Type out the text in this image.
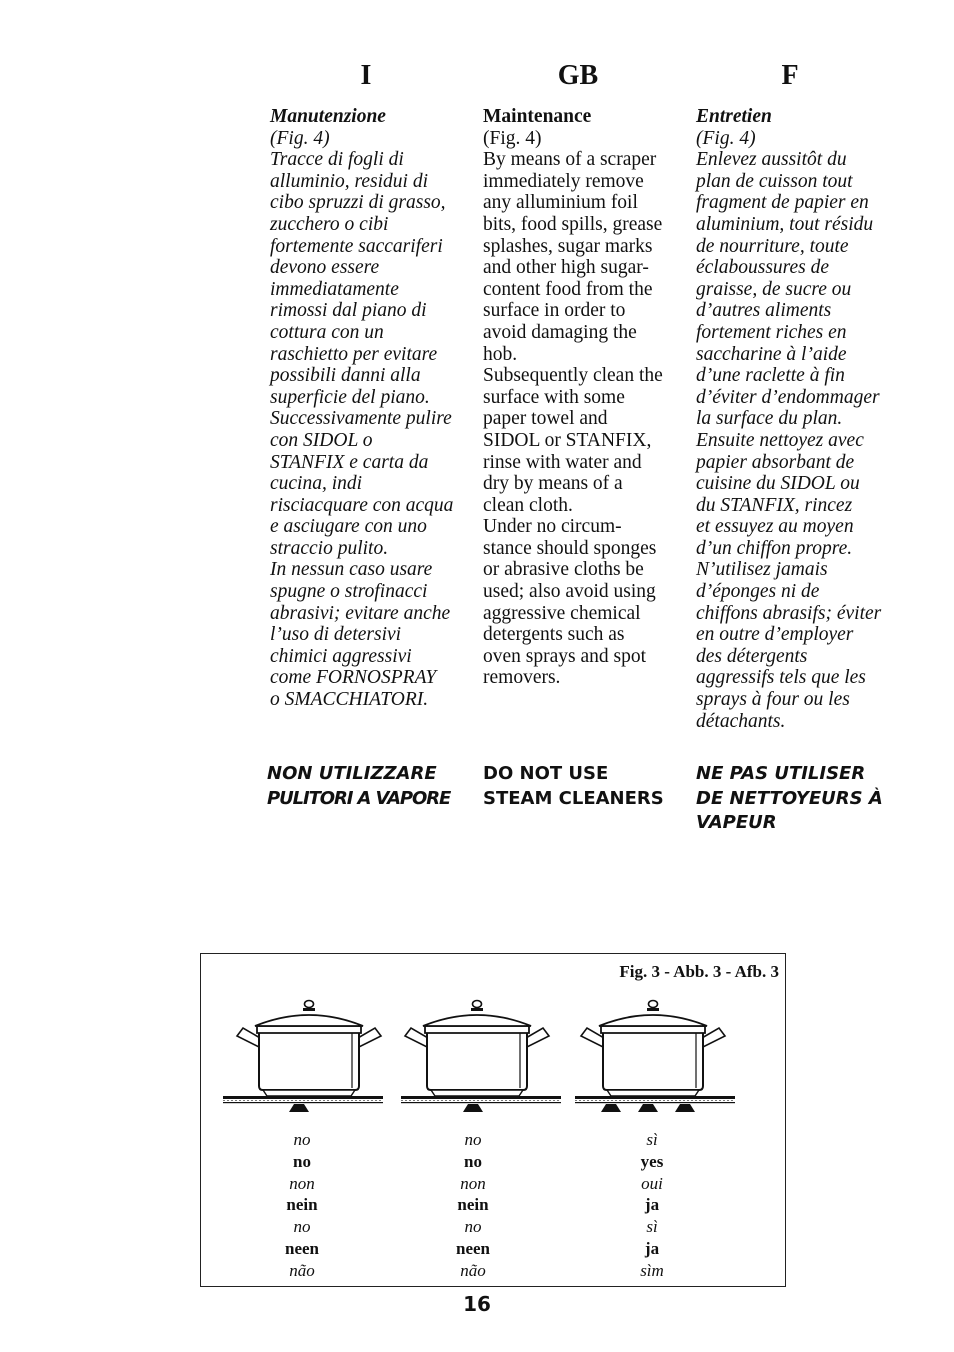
I	GB	F

Manutenzione

(Fig. 4)

Tracce di fogli di
alluminio, residui di
cibo spruzzi di grasso,
zucchero o cibi
fortemente saccariferi
devono essere
immediatamente
rimossi dal piano di
cottura con un
raschietto per evitare
possibili danni alla
superficie del piano.
Successivamente pulire
con SIDOL o
STANFIX e carta da
cucina, indi
risciacquare con acqua
e asciugare con uno
straccio pulito.
In nessun caso usare
spugne o strofinacci
abrasivi; evitare anche
l’uso di detersivi
chimici aggressivi
come FORNOSPRAY
o SMACCHIATORI.

Maintenance

(Fig. 4)

By means of a scraper
immediately remove
any alluminium foil
bits, food spills, grease
splashes, sugar marks
and other high sugar-
content food from the
surface in order to
avoid damaging the
hob.
Subsequently clean the
surface with some
paper towel and
SIDOL or STANFIX,
rinse with water and
dry by means of a
clean cloth.
Under no circum-
stance should sponges
or abrasive cloths be
used; also avoid using
aggressive chemical
detergents such as
oven sprays and spot
removers.

Entretien

(Fig. 4)

Enlevez aussitôt du
plan de cuisson tout
fragment de papier en
aluminium, tout résidu
de nourriture, toute
éclaboussures de
graisse, de sucre ou
d’autres aliments
fortement riches en
saccharine à l’aide
d’une raclette à fin
d’éviter d’endommager
la surface du plan.
Ensuite nettoyez avec
papier absorbant de
cuisine du SIDOL ou
du STANFIX, rincez
et essuyez au moyen
d’un chiffon propre.
N’utilisez jamais
d’éponges ni de
chiffons abrasifs; éviter
en outre d’employer
des détergents
aggressifs tels que les
sprays à four ou les
détachants.
NON UTILIZZARE
PULITORI A VAPORE
DO NOT USE
STEAM CLEANERS
NE PAS UTILISER
DE NETTOYEURS À
VAPEUR
Fig. 3 - Abb. 3 - Afb. 3
no
no
non
nein
no
neen
não
no
no
non
nein
no
neen
não
sì
yes
oui
ja
sì
ja
sìm
16
